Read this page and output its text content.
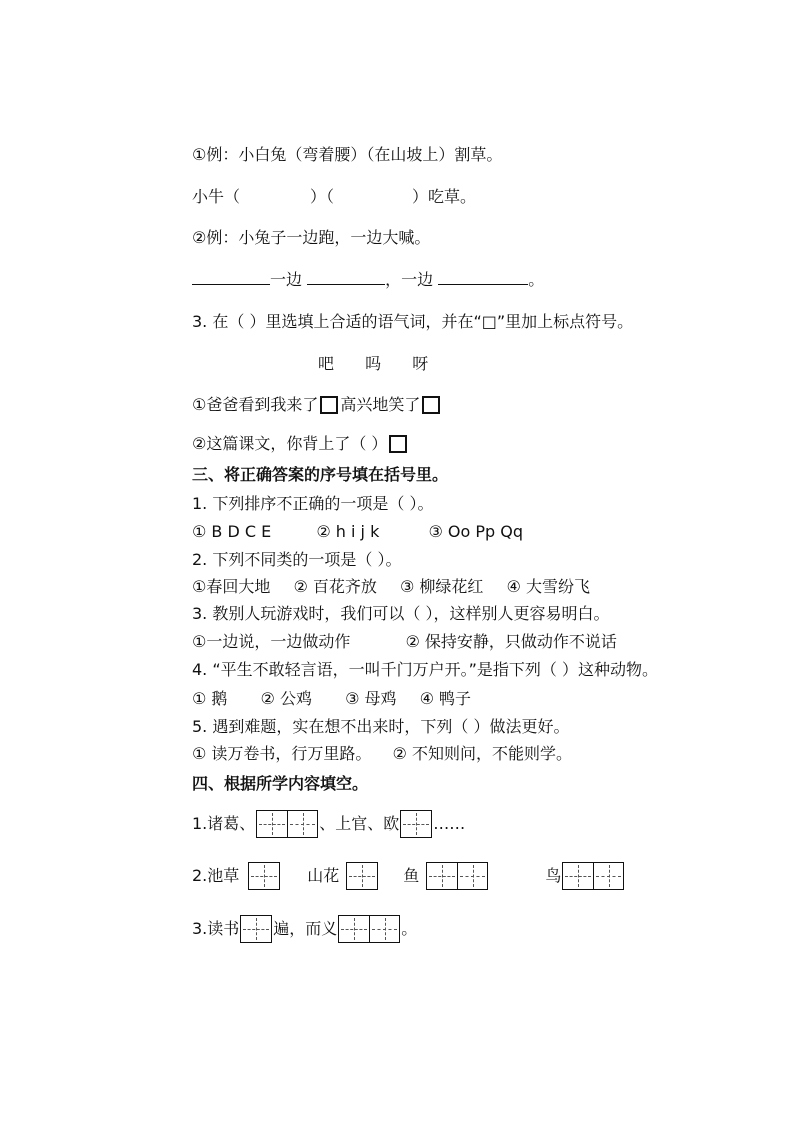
①例：小白兔（弯着腰）（在山坡上）割草。
小牛（	）（	）吃草。
②例：小兔子一边跑，一边大喊。
一边	，一边	。
3. 在（ ）里选填上合适的语气词，并在“□”里加上标点符号。
吧 吗 呀
①爸爸看到我来了 高兴地笑了
②这篇课文，你背上了（ ）
三、将正确答案的序号填在括号里。
1. 下列排序不正确的一项是（ ）。
① B D C E	② h i j k	③ Oo Pp Qq
2. 下列不同类的一项是（ ）。
①春回大地 ② 百花齐放 ③ 柳绿花红 ④ 大雪纷飞
3. 教别人玩游戏时，我们可以（ ），这样别人更容易明白。
①一边说，一边做动作	② 保持安静，只做动作不说话
4. “平生不敢轻言语，一叫千门万户开。”是指下列（ ）这种动物。
① 鹅 ② 公鸡 ③ 母鸡 ④ 鸭子
5. 遇到难题，实在想不出来时，下列（ ）做法更好。
① 读万卷书，行万里路。 ② 不知则问，不能则学。
四、根据所学内容填空。
1.诸葛、	、上官、欧 ……
2.池草	山花	鱼	鸟
3.读书 遍，而义	。
